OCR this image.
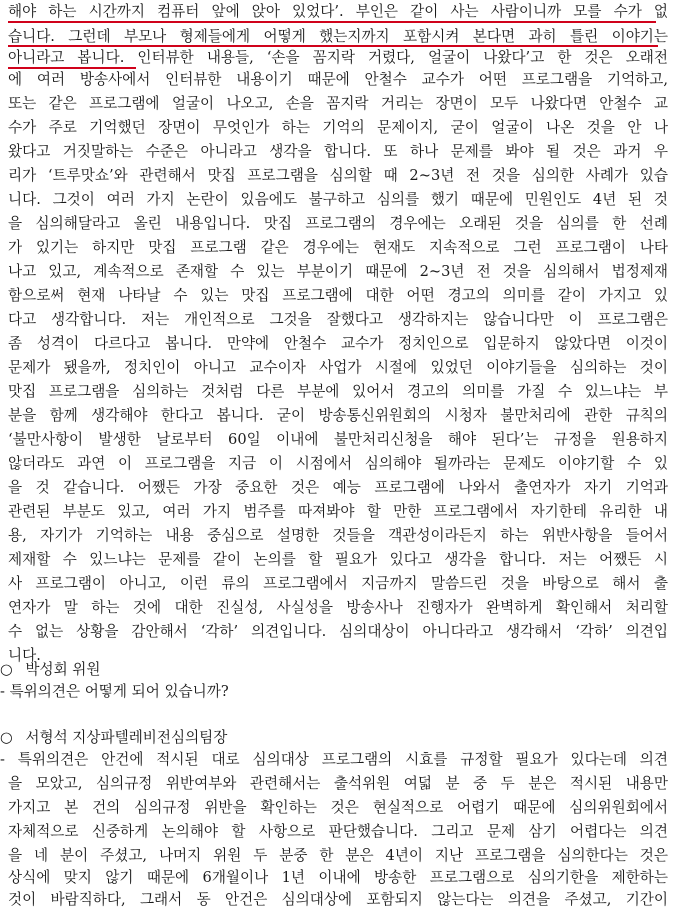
해야 하는 시간까지 컴퓨터 앞에 앉아 있었다’. 부인은 같이 사는 사람이니까 모를 수가 없
습니다. 그런데 부모나 형제들에게 어떻게 했는지까지 포함시켜 본다면 과히 틀린 이야기는
아니라고 봅니다. 인터뷰한 내용들, ‘손을 꼼지락 거렸다, 얼굴이 나왔다’고 한 것은 오래전
에 여러 방송사에서 인터뷰한 내용이기 때문에 안철수 교수가 어떤 프로그램을 기억하고,
또는 같은 프로그램에 얼굴이 나오고, 손을 꼼지락 거리는 장면이 모두 나왔다면 안철수 교
수가 주로 기억했던 장면이 무엇인가 하는 기억의 문제이지, 굳이 얼굴이 나온 것을 안 나
왔다고 거짓말하는 수준은 아니라고 생각을 합니다. 또 하나 문제를 봐야 될 것은 과거 우
리가 ‘트루맛쇼’와 관련해서 맛집 프로그램을 심의할 때 2~3년 전 것을 심의한 사례가 있습
니다. 그것이 여러 가지 논란이 있음에도 불구하고 심의를 했기 때문에 민원인도 4년 된 것
을 심의해달라고 올린 내용입니다. 맛집 프로그램의 경우에는 오래된 것을 심의를 한 선례
가 있기는 하지만 맛집 프로그램 같은 경우에는 현재도 지속적으로 그런 프로그램이 나타
나고 있고, 계속적으로 존재할 수 있는 부분이기 때문에 2~3년 전 것을 심의해서 법정제재
함으로써 현재 나타날 수 있는 맛집 프로그램에 대한 어떤 경고의 의미를 같이 가지고 있
다고 생각합니다. 저는 개인적으로 그것을 잘했다고 생각하지는 않습니다만 이 프로그램은
좀 성격이 다르다고 봅니다. 만약에 안철수 교수가 정치인으로 입문하지 않았다면 이것이
문제가 됐을까, 정치인이 아니고 교수이자 사업가 시절에 있었던 이야기들을 심의하는 것이
맛집 프로그램을 심의하는 것처럼 다른 부분에 있어서 경고의 의미를 가질 수 있느냐는 부
분을 함께 생각해야 한다고 봅니다. 굳이 방송통신위원회의 시청자 불만처리에 관한 규칙의
‘불만사항이 발생한 날로부터 60일 이내에 불만처리신청을 해야 된다’는 규정을 원용하지
않더라도 과연 이 프로그램을 지금 이 시점에서 심의해야 될까라는 문제도 이야기할 수 있
을 것 같습니다. 어쨌든 가장 중요한 것은 예능 프로그램에 나와서 출연자가 자기 기억과
관련된 부분도 있고, 여러 가지 범주를 따져봐야 할 만한 프로그램에서 자기한테 유리한 내
용, 자기가 기억하는 내용 중심으로 설명한 것들을 객관성이라든지 하는 위반사항을 들어서
제재할 수 있느냐는 문제를 같이 논의를 할 필요가 있다고 생각을 합니다. 저는 어쨌든 시
사 프로그램이 아니고, 이런 류의 프로그램에서 지금까지 말씀드린 것을 바탕으로 해서 출
연자가 말 하는 것에 대한 진실성, 사실성을 방송사나 진행자가 완벽하게 확인해서 처리할
수 없는 상황을 감안해서 ‘각하’ 의견입니다. 심의대상이 아니다라고 생각해서 ‘각하’ 의견입
니다.
○ 박성회 위원
- 특위의견은 어떻게 되어 있습니까?
○ 서형석 지상파텔레비전심의팀장
- 특위의견은 안건에 적시된 대로 심의대상 프로그램의 시효를 규정할 필요가 있다는데 의견
을 모았고, 심의규정 위반여부와 관련해서는 출석위원 여덟 분 중 두 분은 적시된 내용만
가지고 본 건의 심의규정 위반을 확인하는 것은 현실적으로 어렵기 때문에 심의위원회에서
자체적으로 신중하게 논의해야 할 사항으로 판단했습니다. 그리고 문제 삼기 어렵다는 의견
을 네 분이 주셨고, 나머지 위원 두 분중 한 분은 4년이 지난 프로그램을 심의한다는 것은
상식에 맞지 않기 때문에 6개월이나 1년 이내에 방송한 프로그램으로 심의기한을 제한하는
것이 바람직하다, 그래서 동 안건은 심의대상에 포함되지 않는다는 의견을 주셨고, 기간이
